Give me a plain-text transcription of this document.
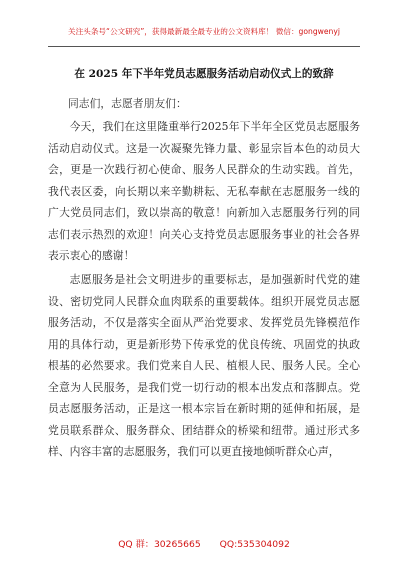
关注头条号“公文研究”，获得最新最全最专业的公文资料库！ 微信：gongwenyj
在 2025 年下半年党员志愿服务活动启动仪式上的致辞
同志们，志愿者朋友们：

今天，我们在这里隆重举行2025年下半年全区党员志愿服务活动启动仪式。这是一次凝聚先锋力量、彰显宗旨本色的动员大会，更是一次践行初心使命、服务人民群众的生动实践。首先，我代表区委，向长期以来辛勤耕耘、无私奉献在志愿服务一线的广大党员同志们，致以崇高的敬意！向新加入志愿服务行列的同志们表示热烈的欢迎！向关心支持党员志愿服务事业的社会各界表示衷心的感谢！

志愿服务是社会文明进步的重要标志，是加强新时代党的建设、密切党同人民群众血肉联系的重要载体。组织开展党员志愿服务活动，不仅是落实全面从严治党要求、发挥党员先锋模范作用的具体行动，更是新形势下传承党的优良传统、巩固党的执政根基的必然要求。我们党来自人民、植根人民、服务人民。全心全意为人民服务，是我们党一切行动的根本出发点和落脚点。党员志愿服务活动，正是这一根本宗旨在新时期的延伸和拓展，是党员联系群众、服务群众、团结群众的桥梁和纽带。通过形式多样、内容丰富的志愿服务，我们可以更直接地倾听群众心声，

QQ 群：30265665 QQ:535304092
